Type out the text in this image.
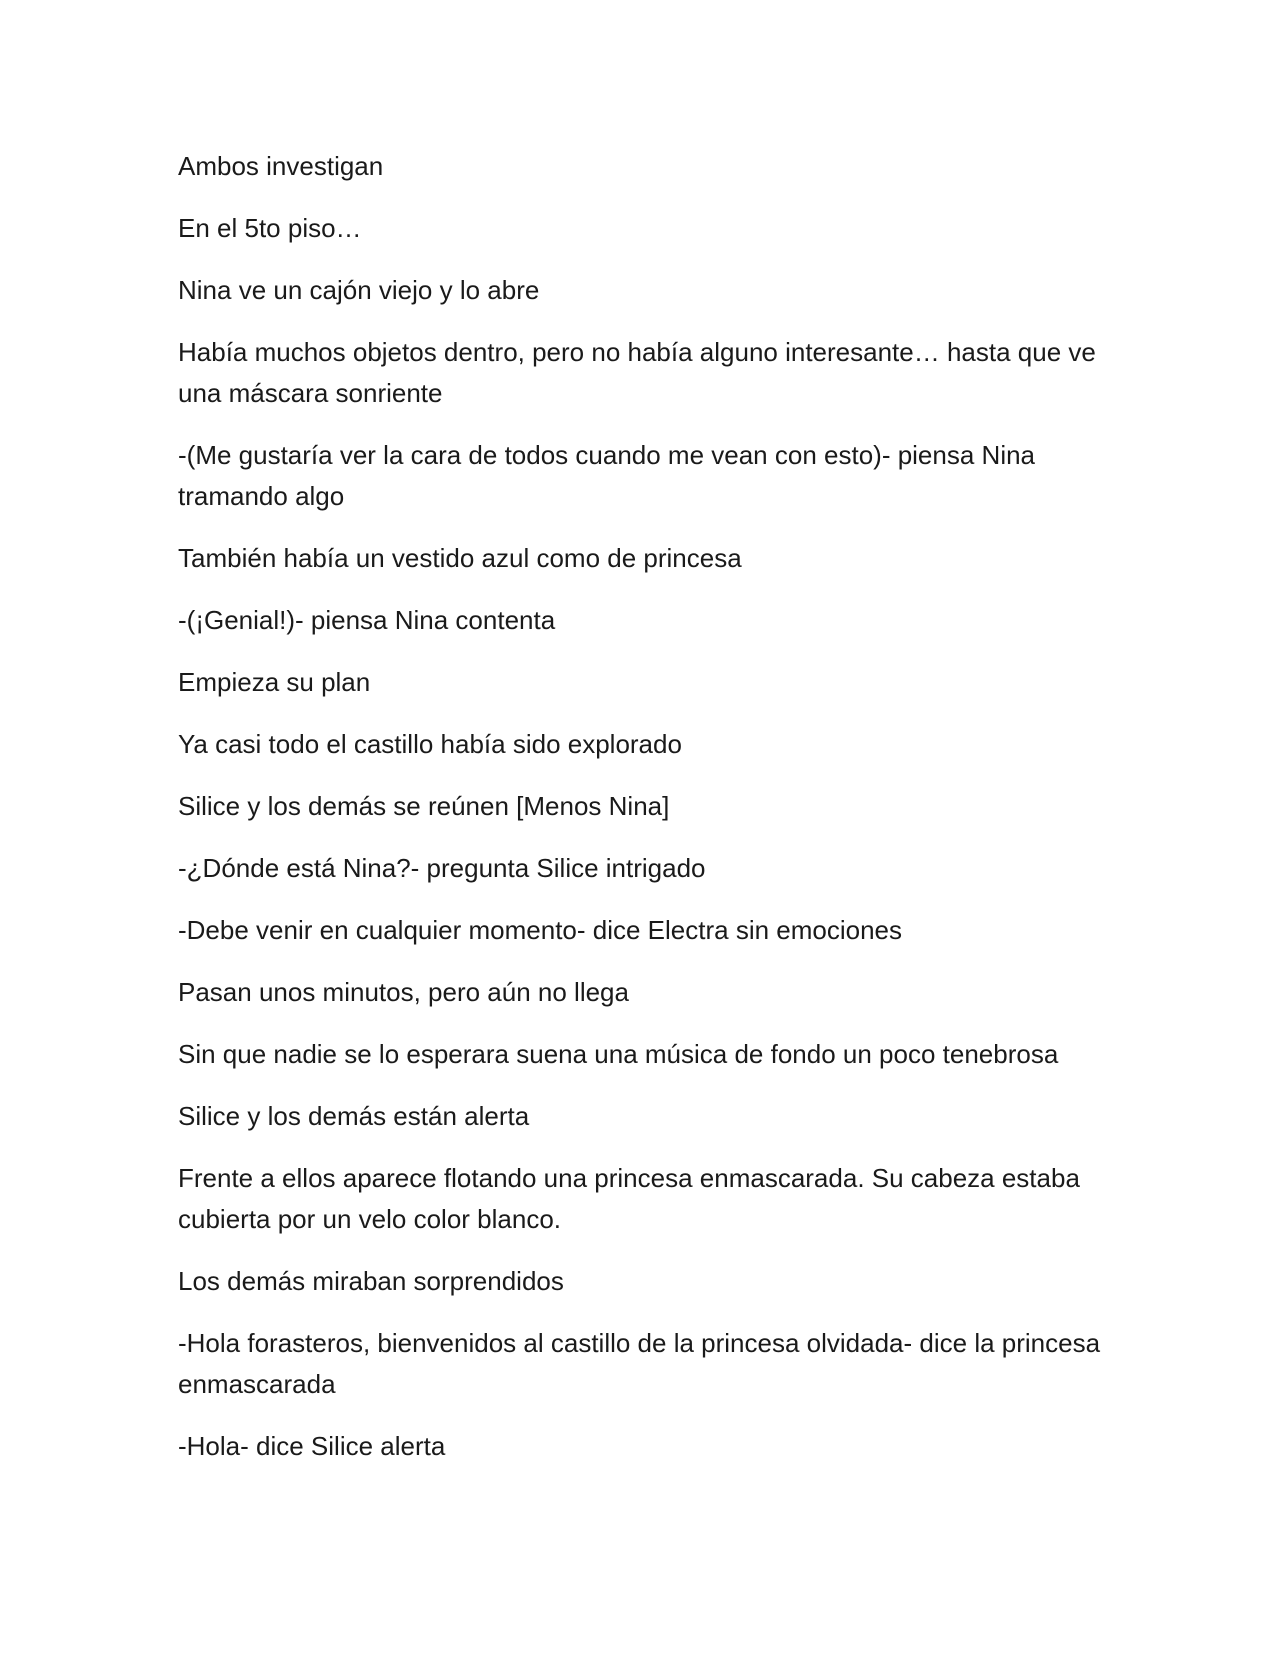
Ambos investigan

En el 5to piso…

Nina ve un cajón viejo y lo abre

Había muchos objetos dentro, pero no había alguno interesante… hasta que ve una máscara sonriente

-(Me gustaría ver la cara de todos cuando me vean con esto)- piensa Nina tramando algo

También había un vestido azul como de princesa

-(¡Genial!)- piensa Nina contenta

Empieza su plan

Ya casi todo el castillo había sido explorado

Silice y los demás se reúnen [Menos Nina]

-¿Dónde está Nina?- pregunta Silice intrigado

-Debe venir en cualquier momento- dice Electra sin emociones

Pasan unos minutos, pero aún no llega

Sin que nadie se lo esperara suena una música de fondo un poco tenebrosa

Silice y los demás están alerta

Frente a ellos aparece flotando una princesa enmascarada. Su cabeza estaba cubierta por un velo color blanco.

Los demás miraban sorprendidos

-Hola forasteros, bienvenidos al castillo de la princesa olvidada- dice la princesa enmascarada

-Hola- dice Silice alerta
